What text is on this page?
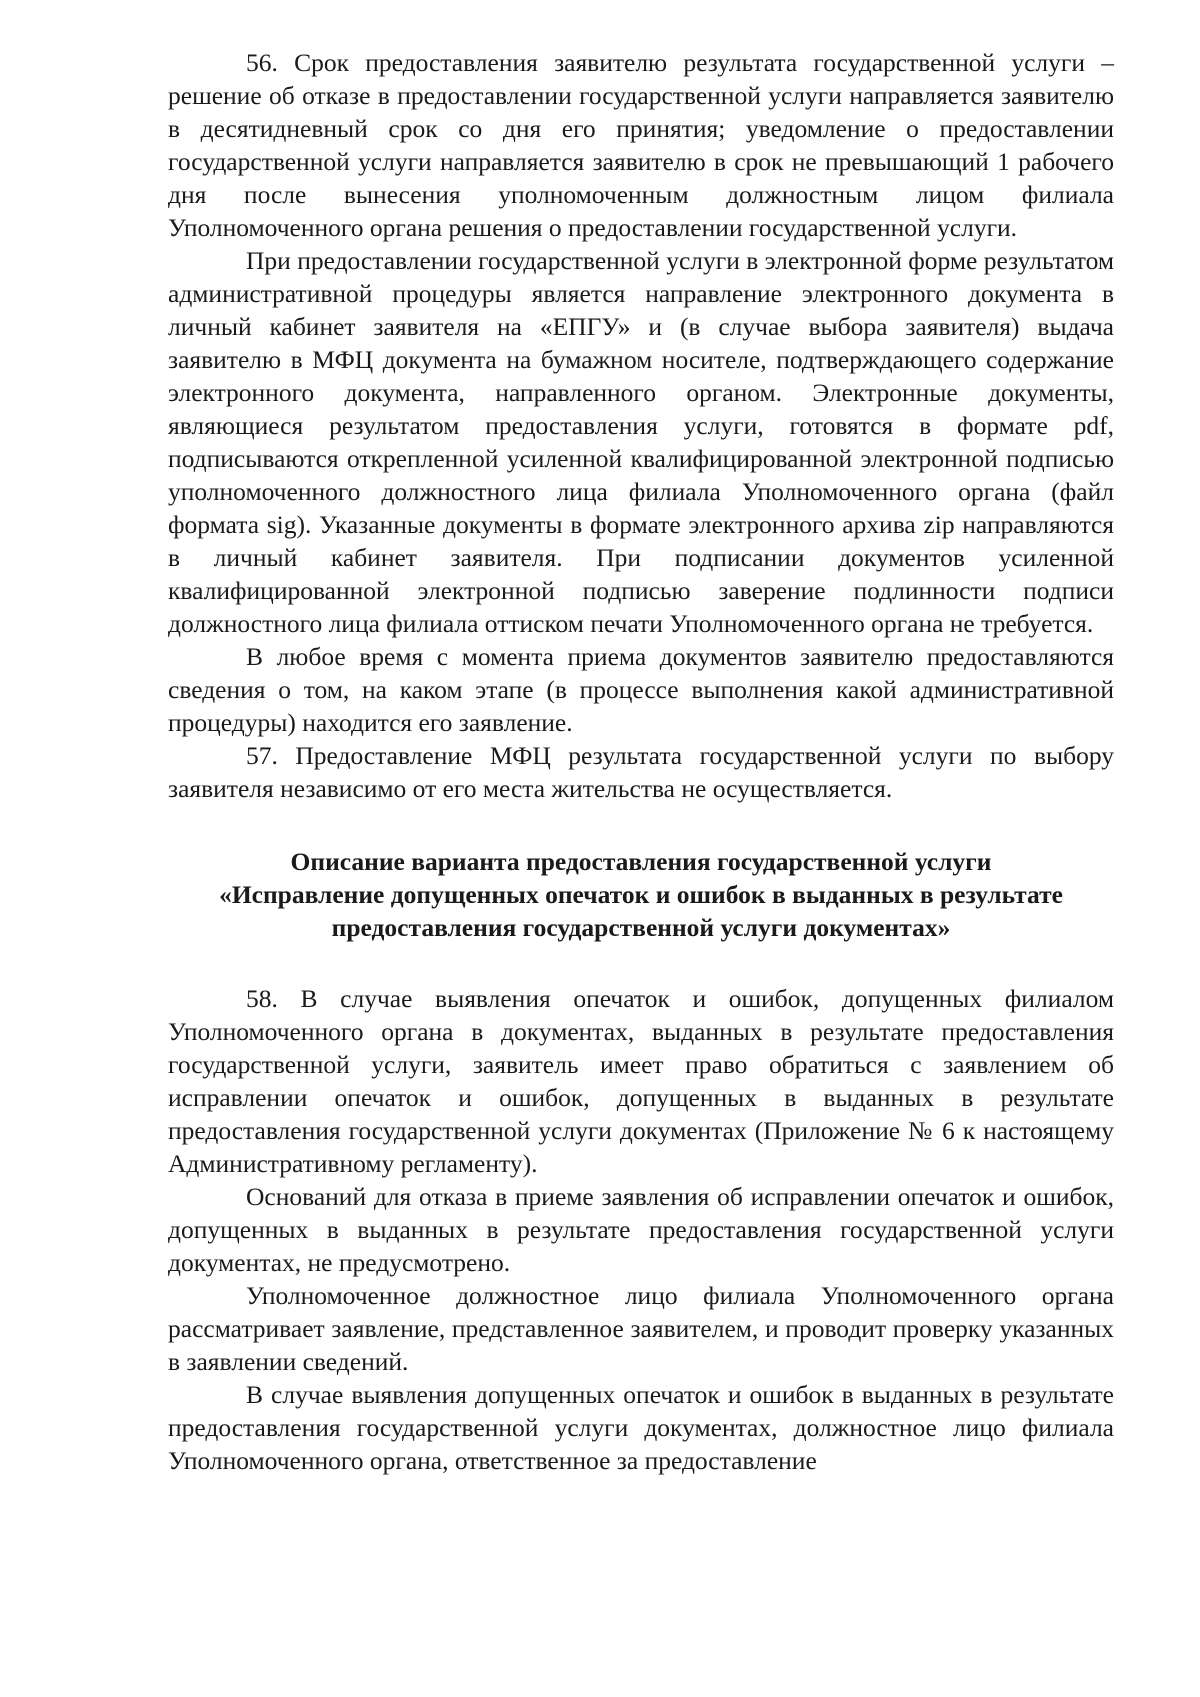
56. Срок предоставления заявителю результата государственной услуги – решение об отказе в предоставлении государственной услуги направляется заявителю в десятидневный срок со дня его принятия; уведомление о предоставлении государственной услуги направляется заявителю в срок не превышающий 1 рабочего дня после вынесения уполномоченным должностным лицом филиала Уполномоченного органа решения о предоставлении государственной услуги.

При предоставлении государственной услуги в электронной форме результатом административной процедуры является направление электронного документа в личный кабинет заявителя на «ЕПГУ» и (в случае выбора заявителя) выдача заявителю в МФЦ документа на бумажном носителе, подтверждающего содержание электронного документа, направленного органом. Электронные документы, являющиеся результатом предоставления услуги, готовятся в формате pdf, подписываются открепленной усиленной квалифицированной электронной подписью уполномоченного должностного лица филиала Уполномоченного органа (файл формата sig). Указанные документы в формате электронного архива zip направляются в личный кабинет заявителя. При подписании документов усиленной квалифицированной электронной подписью заверение подлинности подписи должностного лица филиала оттиском печати Уполномоченного органа не требуется.

В любое время с момента приема документов заявителю предоставляются сведения о том, на каком этапе (в процессе выполнения какой административной процедуры) находится его заявление.

57. Предоставление МФЦ результата государственной услуги по выбору заявителя независимо от его места жительства не осуществляется.

Описание варианта предоставления государственной услуги
«Исправление допущенных опечаток и ошибок в выданных в результате
предоставления государственной услуги документах»

58. В случае выявления опечаток и ошибок, допущенных филиалом Уполномоченного органа в документах, выданных в результате предоставления государственной услуги, заявитель имеет право обратиться с заявлением об исправлении опечаток и ошибок, допущенных в выданных в результате предоставления государственной услуги документах (Приложение № 6 к настоящему Административному регламенту).

Оснований для отказа в приеме заявления об исправлении опечаток и ошибок, допущенных в выданных в результате предоставления государственной услуги документах, не предусмотрено.

Уполномоченное должностное лицо филиала Уполномоченного органа рассматривает заявление, представленное заявителем, и проводит проверку указанных в заявлении сведений.

В случае выявления допущенных опечаток и ошибок в выданных в результате предоставления государственной услуги документах, должностное лицо филиала Уполномоченного органа, ответственное за предоставление
